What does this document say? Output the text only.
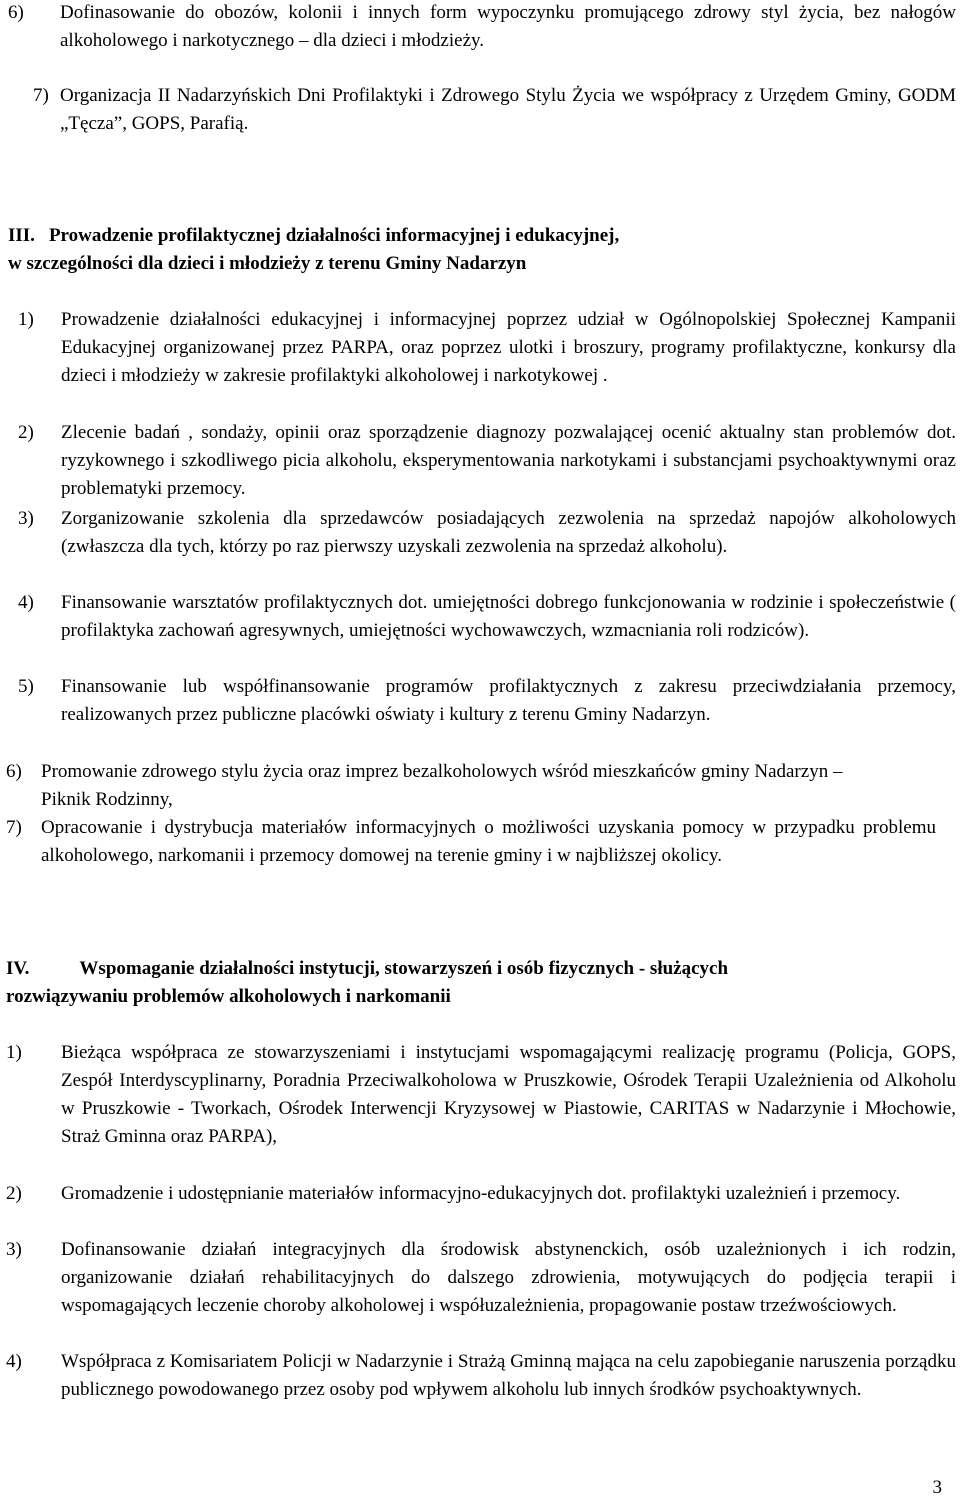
6) Dofinasowanie do obozów, kolonii i innych form wypoczynku promującego zdrowy styl życia, bez nałogów alkoholowego i narkotycznego – dla dzieci i młodzieży.
7) Organizacja II Nadarzyńskich Dni Profilaktyki i Zdrowego Stylu Życia we współpracy z Urzędem Gminy, GODM „Tęcza”, GOPS, Parafią.
III. Prowadzenie profilaktycznej działalności informacyjnej i edukacyjnej,
w szczególności dla dzieci i młodzieży z terenu Gminy Nadarzyn
1) Prowadzenie działalności edukacyjnej i informacyjnej poprzez udział w Ogólnopolskiej Społecznej Kampanii Edukacyjnej organizowanej przez PARPA, oraz poprzez ulotki i broszury, programy profilaktyczne, konkursy dla dzieci i młodzieży w zakresie profilaktyki alkoholowej i narkotykowej .
2) Zlecenie badań , sondaży, opinii oraz sporządzenie diagnozy pozwalającej ocenić aktualny stan problemów dot. ryzykownego i szkodliwego picia alkoholu, eksperymentowania narkotykami i substancjami psychoaktywnymi oraz problematyki przemocy.
3) Zorganizowanie szkolenia dla sprzedawców posiadających zezwolenia na sprzedaż napojów alkoholowych (zwłaszcza dla tych, którzy po raz pierwszy uzyskali zezwolenia na sprzedaż alkoholu).
4) Finansowanie warsztatów profilaktycznych dot. umiejętności dobrego funkcjonowania w rodzinie i społeczeństwie ( profilaktyka zachowań agresywnych, umiejętności wychowawczych, wzmacniania roli rodziców).
5) Finansowanie lub współfinansowanie programów profilaktycznych z zakresu przeciwdziałania przemocy, realizowanych przez publiczne placówki oświaty i kultury z terenu Gminy Nadarzyn.
6) Promowanie zdrowego stylu życia oraz imprez bezalkoholowych wśród mieszkańców gminy Nadarzyn – Piknik Rodzinny,
7) Opracowanie i dystrybucja materiałów informacyjnych o możliwości uzyskania pomocy w przypadku problemu alkoholowego, narkomanii i przemocy domowej na terenie gminy i w najbliższej okolicy.
IV.	Wspomaganie działalności instytucji, stowarzyszeń i osób fizycznych - służących
rozwiązywaniu problemów alkoholowych i narkomanii
1) Bieżąca współpraca ze stowarzyszeniami i instytucjami wspomagającymi realizację programu (Policja, GOPS, Zespół Interdyscyplinarny, Poradnia Przeciwalkoholowa w Pruszkowie, Ośrodek Terapii Uzależnienia od Alkoholu w Pruszkowie - Tworkach, Ośrodek Interwencji Kryzysowej w Piastowie, CARITAS w Nadarzynie i Młochowie, Straż Gminna oraz PARPA),
2) Gromadzenie i udostępnianie materiałów informacyjno-edukacyjnych dot. profilaktyki uzależnień i przemocy.
3) Dofinansowanie działań integracyjnych dla środowisk abstynenckich, osób uzależnionych i ich rodzin, organizowanie działań rehabilitacyjnych do dalszego zdrowienia, motywujących do podjęcia terapii i wspomagających leczenie choroby alkoholowej i współuzależnienia, propagowanie postaw trzeźwościowych.
4) Współpraca z Komisariatem Policji w Nadarzynie i Strażą Gminną mająca na celu zapobieganie naruszenia porządku publicznego powodowanego przez osoby pod wpływem alkoholu lub innych środków psychoaktywnych.
3
